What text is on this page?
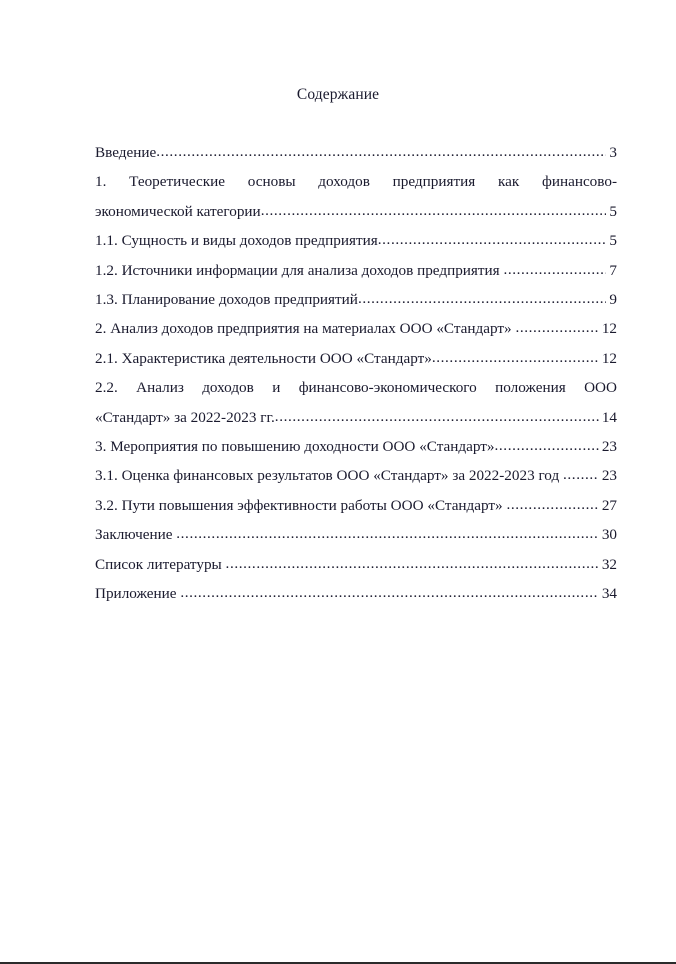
Содержание
Введение .....	3
1.    Теоретические    основы    доходов    предприятия    как    финансово-
экономической категории .....	5
1.1. Сущность и виды доходов предприятия .....	5
1.2. Источники информации для анализа доходов предприятия .....	7
1.3. Планирование доходов предприятий .....	9
2. Анализ доходов предприятия на материалах ООО «Стандарт» .....	12
2.1. Характеристика деятельности ООО «Стандарт» .....	12
2.2.    Анализ    доходов    и    финансово-экономического    положения    ООО
«Стандарт» за 2022-2023 гг. .....	14
3. Мероприятия по повышению доходности ООО «Стандарт» .....	23
3.1. Оценка финансовых результатов ООО «Стандарт» за 2022-2023 год .....	23
3.2. Пути повышения эффективности работы ООО «Стандарт» .....	27
Заключение .....	30
Список литературы .....	32
Приложение .....	34
